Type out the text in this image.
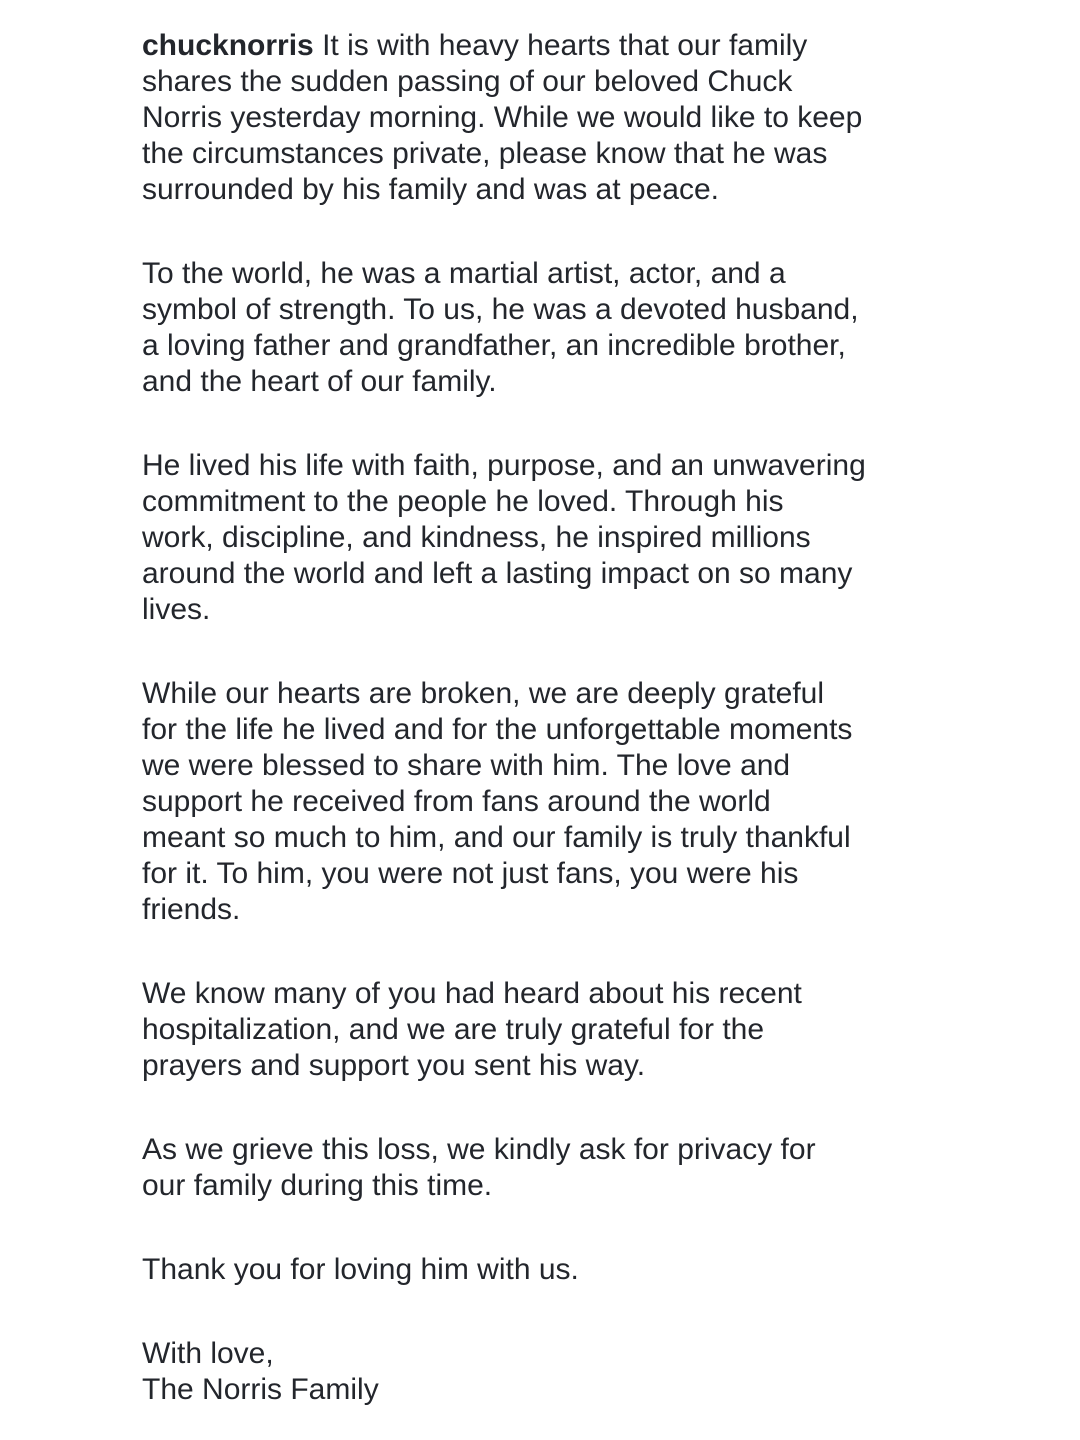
chucknorris It is with heavy hearts that our family
shares the sudden passing of our beloved Chuck
Norris yesterday morning. While we would like to keep
the circumstances private, please know that he was
surrounded by his family and was at peace.

To the world, he was a martial artist, actor, and a
symbol of strength. To us, he was a devoted husband,
a loving father and grandfather, an incredible brother,
and the heart of our family.

He lived his life with faith, purpose, and an unwavering
commitment to the people he loved. Through his
work, discipline, and kindness, he inspired millions
around the world and left a lasting impact on so many
lives.

While our hearts are broken, we are deeply grateful
for the life he lived and for the unforgettable moments
we were blessed to share with him. The love and
support he received from fans around the world
meant so much to him, and our family is truly thankful
for it. To him, you were not just fans, you were his
friends.

We know many of you had heard about his recent
hospitalization, and we are truly grateful for the
prayers and support you sent his way.

As we grieve this loss, we kindly ask for privacy for
our family during this time.

Thank you for loving him with us.

With love,
The Norris Family
